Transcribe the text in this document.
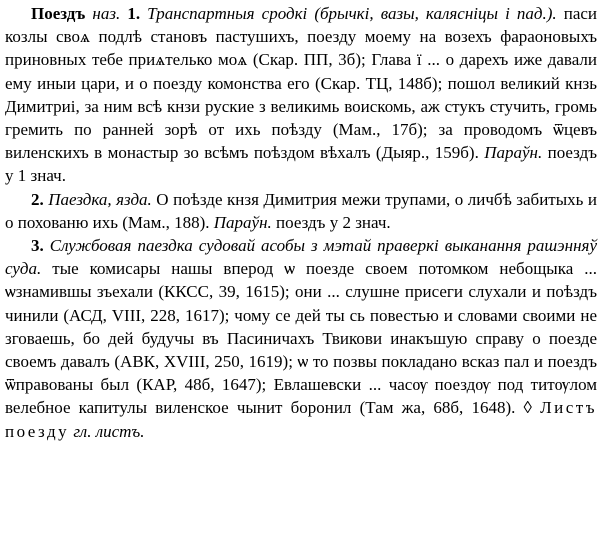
Поездъ наз. 1. Транспартныя сродкі (брычкі, вазы, калясніцы і пад.). паси козлы своѧ подлѣ становъ пастушихъ, поезду моему на возехъ фараоновыхъ приновных тебе приѧтелько моѧ (Скар. ПП, 3б); Глава ї ... о дарехъ иже давали ему иныи цари, и о поезду комонства его (Скар. ТЦ, 148б); пошол великий кнзь Димитриі, за ним всѣ кнзи руские з великимь воискомь, аж стукъ стучить, громь гремить по ранней зорѣ от ихь поѣзду (Мам., 17б); за проводомъ ѿцевъ виленскихъ в монастыр зо всѣмъ поѣздом вѣхалъ (Дыяр., 159б). Параўн. поездъ у 1 знач.

2. Паездка, язда. О поѣзде кнзя Димитрия межи трупами, о личбѣ забитыхь и о похованю ихь (Мам., 188). Параўн. поездъ у 2 знач.

3. Службовая паездка судовай асобы з мэтай праверкі выканання рашэнняў суда. тые комисары нашы вперод ѡ поезде своем потомком небощыка ... ѡзнамившы зъехали (ККСС, 39, 1615); они ... слушне присеги слухали и поѣздъ чинили (АСД, VIII, 228, 1617); чому се дей ты сь повестью и словами своими не зговаешь, бо дей будучы въ Пасиничахъ Твикови инакъшую справу о поезде своемъ давалъ (АВК, XVIII, 250, 1619); ѡ то позвы покладано всказ пал и поездъ ѿправованы был (КАР, 48б, 1647); Евлашевски ... часѹ поездѹ под титѹлом велебное капитулы виленское чынит боронил (Там жа, 68б, 1648). ◊ Листъ поезду гл. листъ.
